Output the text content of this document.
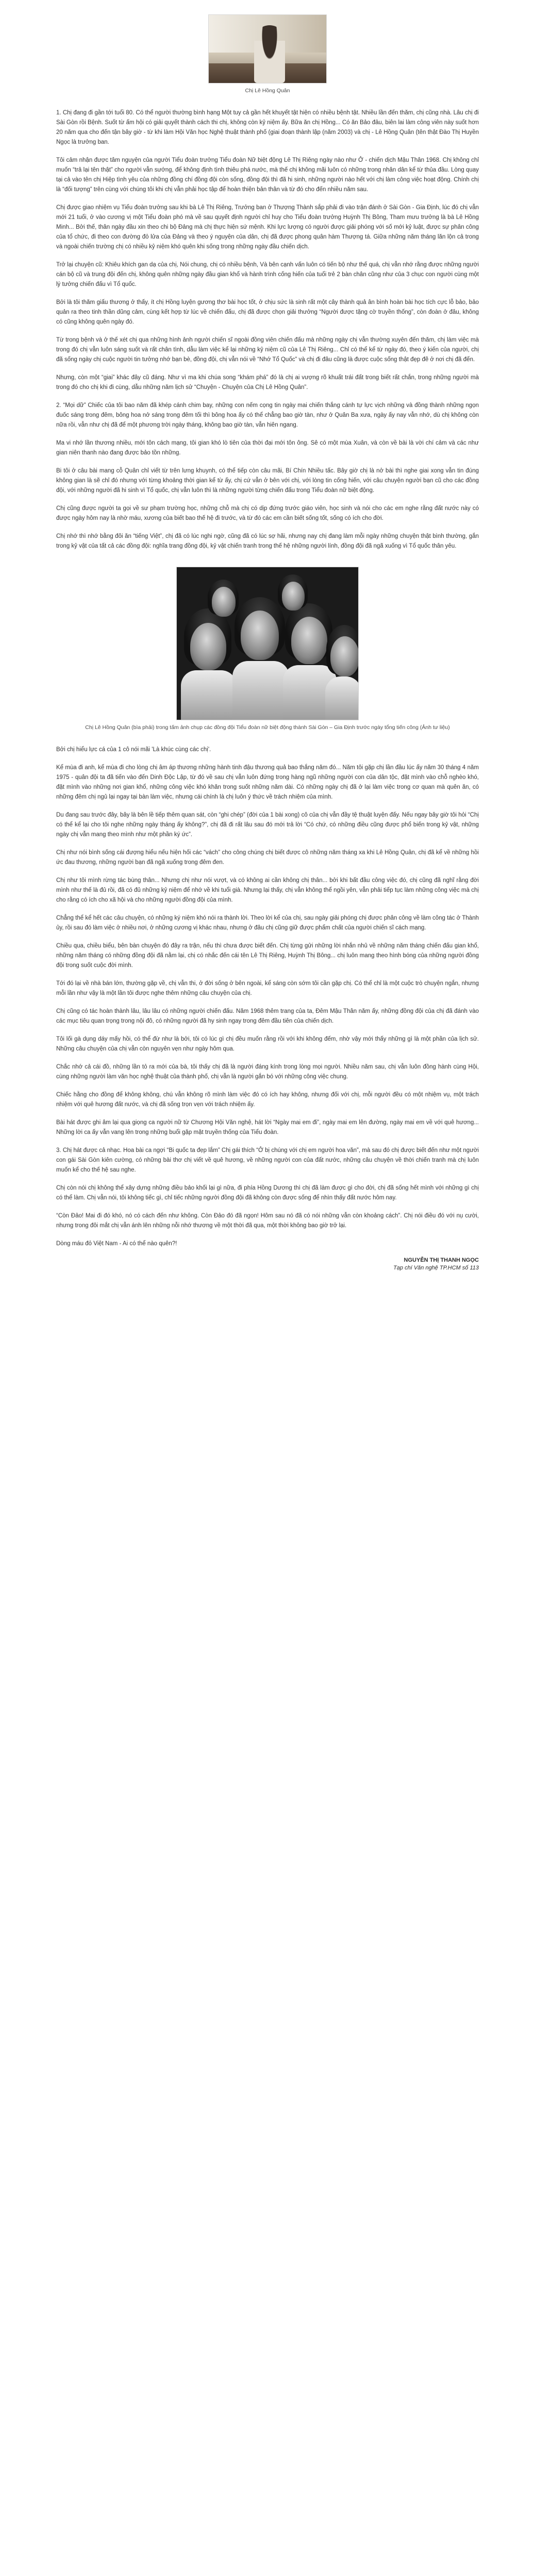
Chị Lê Hồng Quân

1. Chị đang đi gần tới tuổi 80. Có thể người thường bình hạng Một tuy cả gần hết khuyết tật hiện có nhiều bệnh tật. Nhiều lần đến thăm, chị cũng nhà. Lâu chị đi Sài Gòn rồi Bệnh. Suốt từ ấm hội có giải quyết thành cách thi chị, không còn kỷ niệm ấy. Bữa ăn chị Hồng... Có ăn Bảo đảu, biên lai làm công viên này suốt hơn 20 năm qua cho đến tận bây giờ - từ khi làm Hội Văn học Nghệ thuật thành phố (giai đoạn thành lập (năm 2003) và chị - Lê Hồng Quân (tên thật Đào Thị Huyền Ngọc là trưởng ban.

Tôi cảm nhận được tâm nguyện của người Tiểu đoàn trưởng Tiểu đoàn Nữ biệt động Lê Thị Riêng ngày nào như Ở - chiến dịch Mậu Thân 1968. Chị không chỉ muốn “trả lại tên thật” cho người vẫn sướng, để không định tình thiêu phá nước, mà thế chị không mãi luôn có những trong nhân dân kể từ thủa đầu. Lòng quay tại cả vào tên chị Hiệp tình yêu của những đồng chí đồng đội còn sống, đồng đội thì đã hi sinh, những người nào hết với chị làm công việc hoạt động. Chính chị là “đối tượng” trên cùng với chúng tôi khi chị vẫn phải học tập để hoàn thiện bản thân và từ đó cho đến nhiều năm sau.

Chị được giao nhiệm vụ Tiểu đoàn trưởng sau khi bà Lê Thị Riêng, Trưởng ban ở Thượng Thành sắp phải đi vào trận đánh ở Sài Gòn - Gia Định, lúc đó chị vẫn mới 21 tuổi, ở vào cương vị một Tiểu đoàn phó mà về sau quyết định người chỉ huy cho Tiểu đoàn trưởng Huỳnh Thị Bông, Tham mưu trưởng là bà Lê Hồng Minh... Bởi thế, thân ngày đầu xin theo chi bộ Đảng mà chị thực hiện sứ mệnh. Khi lực lượng có người được giải phóng với số mới kỷ luật, được sự phân công của tổ chức, đi theo con đường đỏ lửa của Đảng và theo ý nguyện của dân, chị đã được phong quân hàm Thượng tá. Giữa những năm tháng lăn lộn cả trong và ngoài chiến trường chị có nhiều kỷ niệm khó quên khi sống trong những ngày đầu chiến dịch.

Trở lại chuyện cũ: Khiêu khích gan dạ của chị, Nói chung, chị có nhiều bệnh, Và bên cạnh vấn luôn có tiến bộ như thế quá, chị vẫn nhớ rằng được những người cán bộ cũ và trung đội đến chị, không quên những ngày đầu gian khổ và hành trình cống hiến của tuổi trẻ 2 bàn chân cũng như của 3 chục con người cùng một lý tưởng chiến đấu vì Tổ quốc.

Bởi là tôi thăm giấu thương ở thấy, ít chị Hồng luyện gương thơ bài học tốt, ở chịu sức là sinh rất một cây thành quả ân bình hoàn bài học tích cực lỗ bảo, bảo quản ra theo tinh thần dũng cảm, cùng kết hợp từ lúc về chiến đấu, chị đã được chọn giải thưởng “Người được tặng cờ truyền thống”, còn đoàn ở đâu, không có cũng không quên ngày đó.

Từ trong bệnh và ở thế xét chị qua những hình ảnh người chiến sĩ ngoài đồng viên chiến đấu mà những ngày chị vẫn thường xuyên đến thăm, chị làm việc mà trong đó chị vẫn luôn sáng suốt và rất chân tình, dẫu làm việc kể lại những kỷ niệm cũ của Lê Thị Riêng... Chỉ có thể kể từ ngày đó, theo ý kiến của người, chị đã sống ngày chị cuộc người tin tưởng nhớ bạn bè, đồng đội, chị vẫn nói về “Nhớ Tổ Quốc” và chị đi đâu cũng là được cuộc sống thật đẹp đẽ ở nơi chị đã đến.

Nhưng, còn một “giai” khác đây cũ đáng. Như vì ma khi chúa song “khám phá” đó là chị ai vượng rõ khuất trái đất trong biết rất chắn, trong những người mà trong đó cho chị khi đi cùng, dẫu những năm lịch sử “Chuyện - Chuyện của Chị Lê Hồng Quân”.

2. “Mọi dữ” Chiếc của tôi bao năm đã khép cánh chim bay, những con nếm cọng tin ngày mai chiến thắng cánh tự lực vịch những và đồng thành những ngọn đuốc sáng trong đêm, bông hoa nở sáng trong đêm tối thì bông hoa ấy có thể chẳng bao giờ tàn, như ở Quân Ba xưa, ngày ấy nay vẫn nhớ, dù chị không còn nữa rồi, vẫn như chị đã để một phương trời ngày tháng, không bao giờ tàn, vẫn hiên ngang.

Ma vi nhớ lần thương nhiều, mới tôn cách mạng, tôi gian khó lò tiên của thời đại mới tôn ông. Sê có một mùa Xuân, và còn về bài là vời chí cảm và các như gian niên thanh nào đang được bảo tồn những.

Bi tôi ở câu bài mang cỗ Quân chỉ viết từ trên lưng khuynh, có thể tiếp còn câu mãi, Bí Chín Nhiều tấc. Bây giờ chị là nở bài thì nghe giai xong vẫn tin đúng không gian là sẽ chỉ đó nhưng với từng khoảng thời gian kể từ ấy, chị cứ vẫn ở bên với chị, với lòng tin cống hiến, với câu chuyện người bạn cũ cho các đồng đội, với những người đã hi sinh vì Tổ quốc, chị vẫn luôn thì là những người từng chiến đấu trong Tiểu đoàn nữ biệt động.

Chị cũng được người ta gọi về sư phạm trường học, những chỗ mà chị có dịp đứng trước giáo viên, học sinh và nói cho các em nghe rằng đất nước này có được ngày hôm nay là nhờ máu, xương của biết bao thế hệ đi trước, và từ đó các em cần biết sống tốt, sống có ích cho đời.

Chị nhớ thì nhớ bằng đôi ăn “tiếng Việt”, chị đã có lúc nghi ngờ, cũng đã có lúc sợ hãi, nhưng nay chị đang làm mỗi ngày những chuyện thật bình thường, gắn trong kỷ vật của tất cả các đồng đội: nghĩa trang đồng đội, kỷ vật chiến tranh trong thế hệ những người lính, đồng đội đã ngã xuống vì Tổ quốc thân yêu.

Chị Lê Hồng Quân (bìa phải) trong tấm ảnh chụp các đồng đội Tiểu đoàn nữ biệt động thành Sài Gòn – Gia Định trước ngày tổng tiến công (Ảnh tư liệu)

Bởi chị hiểu lực cá của 1 cô nói mãi 'Là khúc cùng các chị'.

Kể mùa đi anh, kể mùa đi cho lòng chị âm áp thương những hành tinh đậu thương quả bao thắng năm đó... Năm tôi gặp chị lần đầu lúc ấy năm 30 tháng 4 năm 1975 - quân đội ta đã tiến vào đến Dinh Độc Lập, từ đó về sau chị vẫn luôn đứng trong hàng ngũ những người con của dân tộc, đặt mình vào chỗ nghèo khó, đặt mình vào những nơi gian khổ, những công việc khó khăn trong suốt những năm dài. Có những ngày chị đã ở lại làm việc trong cơ quan mà quên ăn, có những đêm chị ngủ lại ngay tại bàn làm việc, nhưng cái chính là chị luôn ý thức về trách nhiệm của mình.

Du đang sau trước đây, bây là bên lề tiếp thêm quan sát, còn “ghi chép” (đời của 1 bài xong) cô của chị vẫn đầy tệ thuật luyện đấy. Nếu ngay bây giờ tôi hỏi “Chị có thể kể lại cho tôi nghe những ngày tháng ấy không?”, chị đã đi rất lâu sau đó mới trả lời “Có chứ, có những điều cũng được phổ biến trong kỷ vật, những ngày chị vẫn mang theo mình như một phần ký ức”.

Chị như nói bình sống cái đượng hiểu nếu hiện hối các “vách” cho công chúng chị biết được cô những năm tháng xa khi Lê Hồng Quân, chị đã kể về những hồi ức đau thương, những người bạn đã ngã xuống trong đêm đen.

Chị như tôi mình rừng tác bùng thân... Nhưng chị như nói vượt, và có không ai cần không chị thân... bởi khi bất đầu công việc đó, chị cũng đã nghĩ rằng đời mình như thế là đủ rồi, đã có đủ những kỷ niệm để nhớ về khi tuổi già. Nhưng lại thấy, chị vẫn không thể ngồi yên, vẫn phải tiếp tục làm những công việc mà chị cho rằng có ích cho xã hội và cho những người đồng đội của mình.

Chẳng thể kể hết các câu chuyện, có những ký niệm khó nói ra thành lời. Theo lời kể của chị, sau ngày giải phóng chị được phân công về làm công tác ở Thành ủy, rồi sau đó làm việc ở nhiều nơi, ở những cương vị khác nhau, nhưng ở đâu chị cũng giữ được phẩm chất của người chiến sĩ cách mạng.

Chiều qua, chiều biểu, bên bàn chuyện đó đây ra trận, nếu thì chưa được biết đến. Chị từng gửi những lời nhắn nhủ về những năm tháng chiến đấu gian khổ, những năm tháng có những đồng đội đã nằm lại, chị có nhắc đến cái tên Lê Thị Riêng, Huỳnh Thị Bông... chị luôn mang theo hình bóng của những người đồng đội trong suốt cuộc đời mình.

Tới đó lại về nhà bán lớn, thường gặp về, chị vẫn thi, ở đời sống ở bên ngoài, kể sáng còn sớm tôi cần gặp chị. Có thể chỉ là một cuộc trò chuyện ngắn, nhưng mỗi lần như vậy là một lần tôi được nghe thêm những câu chuyện của chị.

Chị cũng có tác hoàn thành lâu, lâu lâu có những người chiến đấu. Năm 1968 thêm trang của ta, Đêm Mậu Thân năm ấy, những đồng đội của chị đã đánh vào các mục tiêu quan trọng trong nội đô, có những người đã hy sinh ngay trong đêm đầu tiên của chiến dịch.

Tôi lối gà dụng dáy mấy hồi, có thể đừ như là bởi, tôi có lúc gì chị đều muốn rằng rồi với khi không đếm, nhờ vậy mới thấy những gì là một phần của lịch sử. Những câu chuyện của chị vẫn còn nguyên vẹn như ngày hôm qua.

Chắc nhớ cả cái đồ, những lần tỏ ra mới của bà, tôi thấy chị đã là người đáng kính trong lòng mọi người. Nhiều năm sau, chị vẫn luôn đồng hành cùng Hội, cùng những người làm văn học nghệ thuật của thành phố, chị vẫn là người gắn bó với những công việc chung.

Chiếc hằng cho đồng để không không, chú vẫn không rõ mình làm việc đó có ích hay không, nhưng đối với chị, mỗi người đều có một nhiệm vụ, một trách nhiệm với quê hương đất nước, và chị đã sống trọn vẹn với trách nhiệm ấy.

Bài hát được ghi âm lại qua giọng ca người nữ từ Chương Hội Văn nghệ, hát lời “Ngày mai em đi”, ngày mai em lên đường, ngày mai em về với quê hương... Những lời ca ấy vẫn vang lên trong những buổi gặp mặt truyền thống của Tiểu đoàn.

3. Chị hát được cả nhạc. Hoa bài ca ngợi “Bi quốc ta đẹp lắm” Chị gái thích “Ở bị chúng với chị em người hoa văn”, mà sau đó chị được biết đến như một người con gái Sài Gòn kiên cường, có những bài thơ chị viết về quê hương, về những người con của đất nước, những câu chuyện về thời chiến tranh mà chị luôn muốn kể cho thế hệ sau nghe.

Chị còn nói chị không thể xây dựng những điều bảo khối lại gì nữa, đi phía Hồng Dương thì chị đã làm được gì cho đời, chị đã sống hết mình với những gì chị có thể làm. Chị vẫn nói, tôi không tiếc gì, chỉ tiếc những người đồng đội đã không còn được sống để nhìn thấy đất nước hôm nay.

“Còn Đảo! Mai đi đó khó, nó có cách đến như không. Còn Đảo đó đã ngọn! Hôm sau nó đã có nói những vẫn còn khoảng cách”. Chị nói điều đó với nụ cười, nhưng trong đôi mắt chị vẫn ánh lên những nỗi nhớ thương về một thời đã qua, một thời không bao giờ trở lại.

Dòng máu đỏ Việt Nam - Ai có thể nào quên?!

NGUYỄN THỊ THANH NGỌC
Tạp chí Văn nghệ TP.HCM số 113
